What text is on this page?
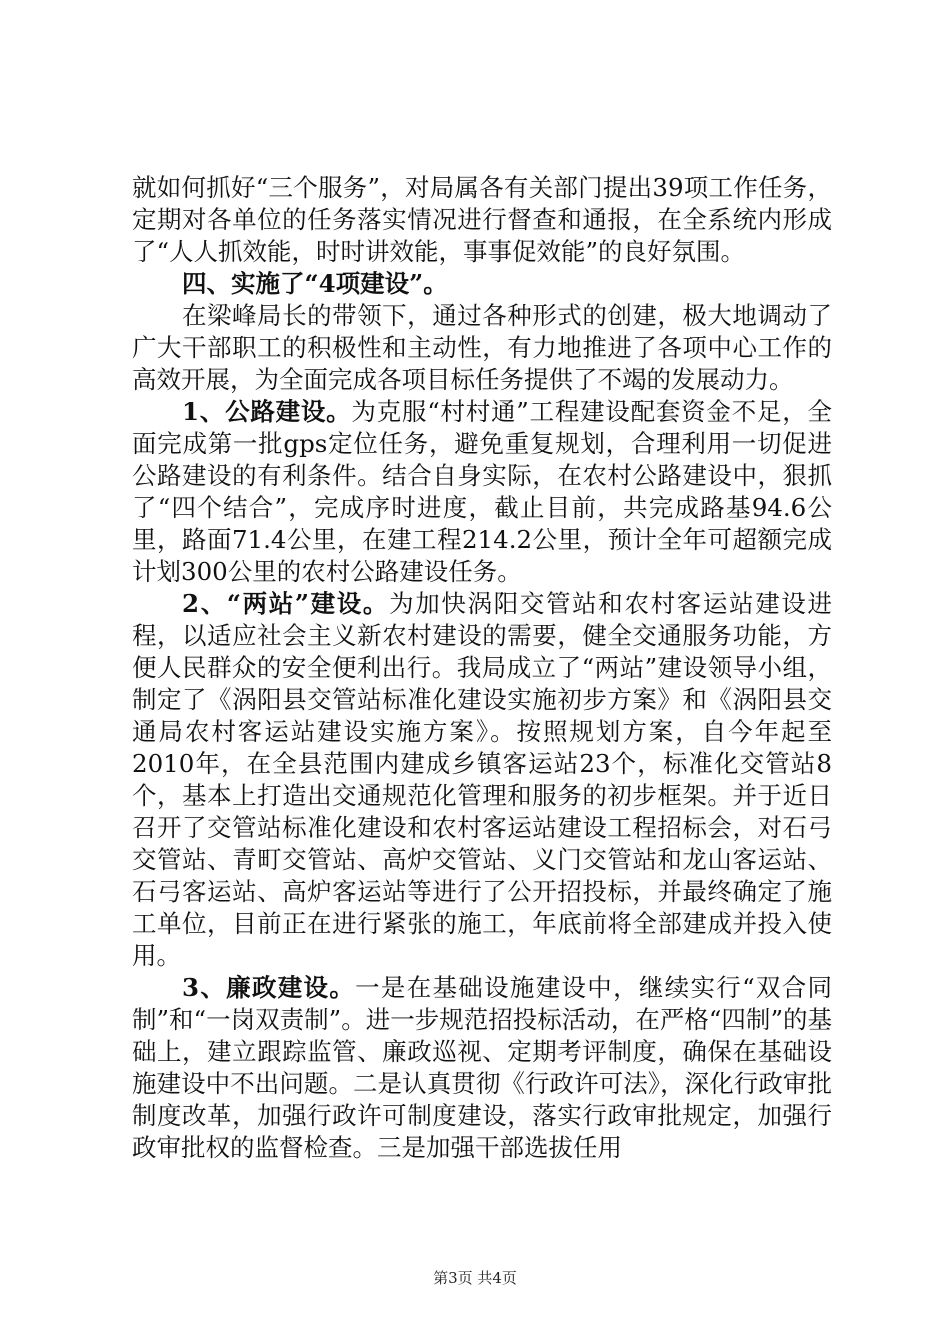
就如何抓好“三个服务”，对局属各有关部门提出39项工作任务，定期对各单位的任务落实情况进行督查和通报，在全系统内形成了“人人抓效能，时时讲效能，事事促效能”的良好氛围。

四、实施了“4项建设”。

在梁峰局长的带领下，通过各种形式的创建，极大地调动了广大干部职工的积极性和主动性，有力地推进了各项中心工作的高效开展，为全面完成各项目标任务提供了不竭的发展动力。

1、公路建设。为克服“村村通”工程建设配套资金不足，全面完成第一批gps定位任务，避免重复规划，合理利用一切促进公路建设的有利条件。结合自身实际，在农村公路建设中，狠抓了“四个结合”，完成序时进度，截止目前，共完成路基94.6公里，路面71.4公里，在建工程214.2公里，预计全年可超额完成计划300公里的农村公路建设任务。

2、“两站”建设。为加快涡阳交管站和农村客运站建设进程，以适应社会主义新农村建设的需要，健全交通服务功能，方便人民群众的安全便利出行。我局成立了“两站”建设领导小组，制定了《涡阳县交管站标准化建设实施初步方案》和《涡阳县交通局农村客运站建设实施方案》。按照规划方案，自今年起至2010年，在全县范围内建成乡镇客运站23个，标准化交管站8个，基本上打造出交通规范化管理和服务的初步框架。并于近日召开了交管站标准化建设和农村客运站建设工程招标会，对石弓交管站、青町交管站、高炉交管站、义门交管站和龙山客运站、石弓客运站、高炉客运站等进行了公开招投标，并最终确定了施工单位，目前正在进行紧张的施工，年底前将全部建成并投入使用。

3、廉政建设。一是在基础设施建设中，继续实行“双合同制”和“一岗双责制”。进一步规范招投标活动，在严格“四制”的基础上，建立跟踪监管、廉政巡视、定期考评制度，确保在基础设施建设中不出问题。二是认真贯彻《行政许可法》，深化行政审批制度改革，加强行政许可制度建设，落实行政审批规定，加强行政审批权的监督检查。三是加强干部选拔任用

第3页 共4页
